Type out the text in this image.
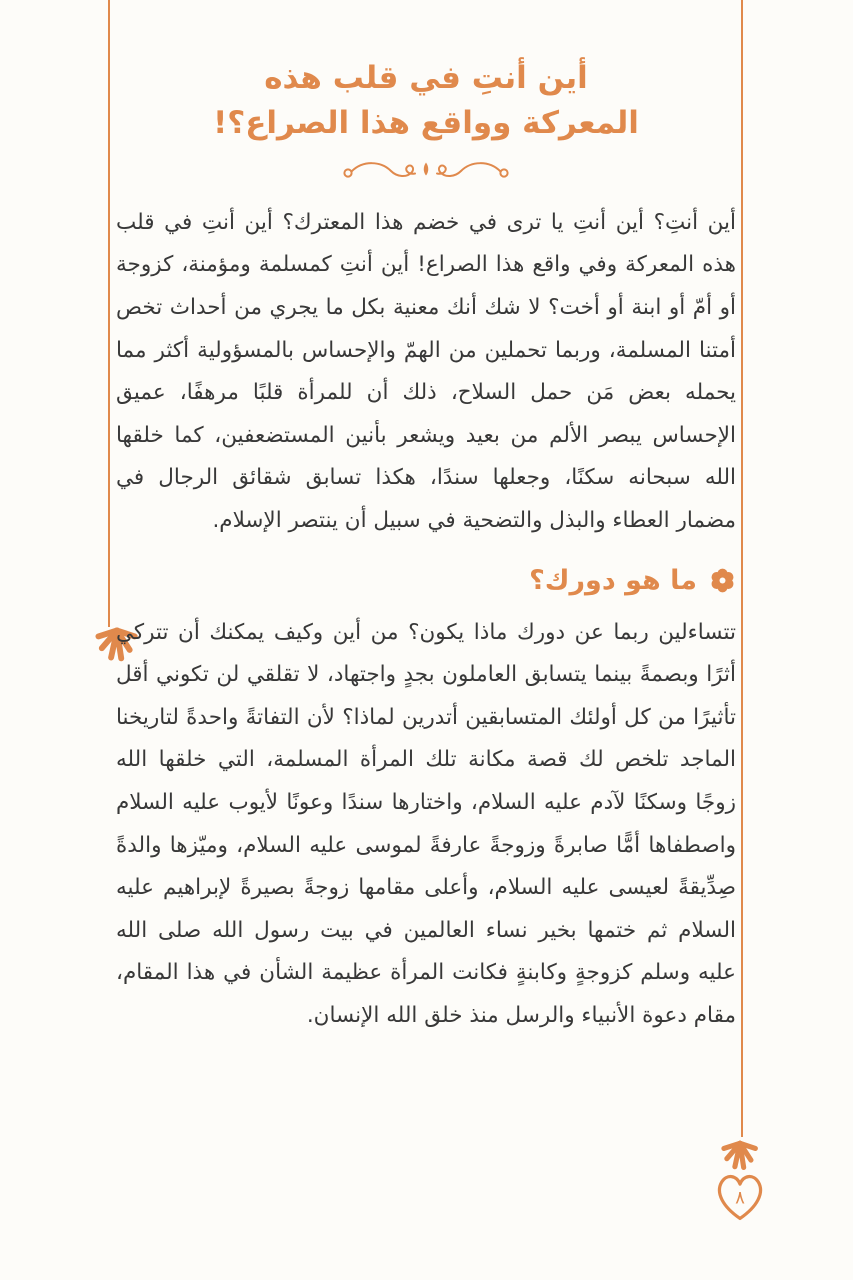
٨
أين أنتِ في قلب هذه
المعركة وواقع هذا الصراع؟!

أين أنتِ؟ أين أنتِ يا ترى في خضم هذا المعترك؟ أين أنتِ في قلب هذه المعركة وفي واقع هذا الصراع! أين أنتِ كمسلمة ومؤمنة، كزوجة أو أمّ أو ابنة أو أخت؟ لا شك أنك معنية بكل ما يجري من أحداث تخص أمتنا المسلمة، وربما تحملين من الهمّ والإحساس بالمسؤولية أكثر مما يحمله بعض مَن حمل السلاح، ذلك أن للمرأة قلبًا مرهفًا، عميق الإحساس يبصر الألم من بعيد ويشعر بأنين المستضعفين، كما خلقها الله سبحانه سكنًا، وجعلها سندًا، هكذا تسابق شقائق الرجال في مضمار العطاء والبذل والتضحية في سبيل أن ينتصر الإسلام.

ما هو دورك؟

تتساءلين ربما عن دورك ماذا يكون؟ من أين وكيف يمكنك أن تتركي أثرًا وبصمةً بينما يتسابق العاملون بجدٍ واجتهاد، لا تقلقي لن تكوني أقل تأثيرًا من كل أولئك المتسابقين أتدرين لماذا؟ لأن التفاتةً واحدةً لتاريخنا الماجد تلخص لك قصة مكانة تلك المرأة المسلمة، التي خلقها الله زوجًا وسكنًا لآدم عليه السلام، واختارها سندًا وعونًا لأيوب عليه السلام واصطفاها أمًّا صابرةً وزوجةً عارفةً لموسى عليه السلام، وميّزها والدةً صِدِّيقةً لعيسى عليه السلام، وأعلى مقامها زوجةً بصيرةً لإبراهيم عليه السلام ثم ختمها بخير نساء العالمين في بيت رسول الله صلى الله عليه وسلم كزوجةٍ وكابنةٍ فكانت المرأة عظيمة الشأن في هذا المقام، مقام دعوة الأنبياء والرسل منذ خلق الله الإنسان.
